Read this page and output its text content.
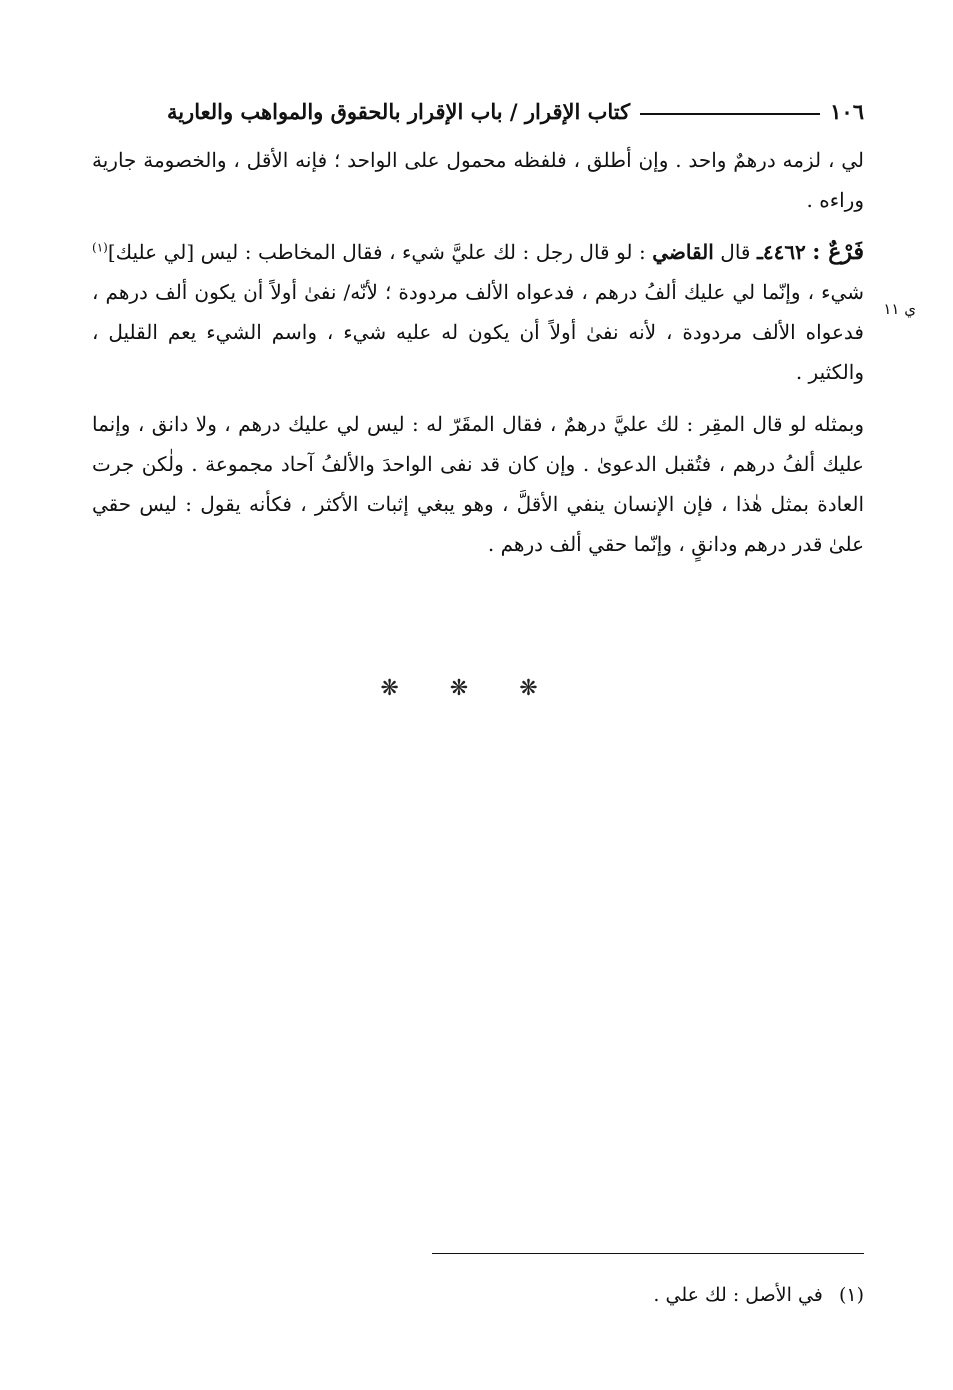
١٠٦
كتاب الإقرار / باب الإقرار بالحقوق والمواهب والعارية
ي ١١

لي ، لزمه درهمٌ واحد . وإن أطلق ، فلفظه محمول على الواحد ؛ فإنه الأقل ، والخصومة جارية وراءه .

فَرْعٌ : ٤٤٦٢ـ قال القاضي : لو قال رجل : لك عليَّ شيء ، فقال المخاطب : ليس [لي عليك]$^{(١)}$ شيء ، وإنّما لي عليك ألفُ درهم ، فدعواه الألف مردودة ؛ لأنّه/ نفىٰ أولاً أن يكون ألف درهم ، فدعواه الألف مردودة ، لأنه نفىٰ أولاً أن يكون له عليه شيء ، واسم الشيء يعم القليل ، والكثير .

وبمثله لو قال المقِر : لك عليَّ درهمٌ ، فقال المقَرّ له : ليس لي عليك درهم ، ولا دانق ، وإنما عليك ألفُ درهم ، فتُقبل الدعوىٰ . وإن كان قد نفى الواحدَ والألفُ آحاد مجموعة . ولٰكن جرت العادة بمثل هٰذا ، فإن الإنسان ينفي الأقلَّ ، وهو يبغي إثبات الأكثر ، فكأنه يقول : ليس حقي علىٰ قدر درهم ودانقٍ ، وإنّما حقي ألف درهم .

❋ ❋ ❋
(١) في الأصل : لك علي .
